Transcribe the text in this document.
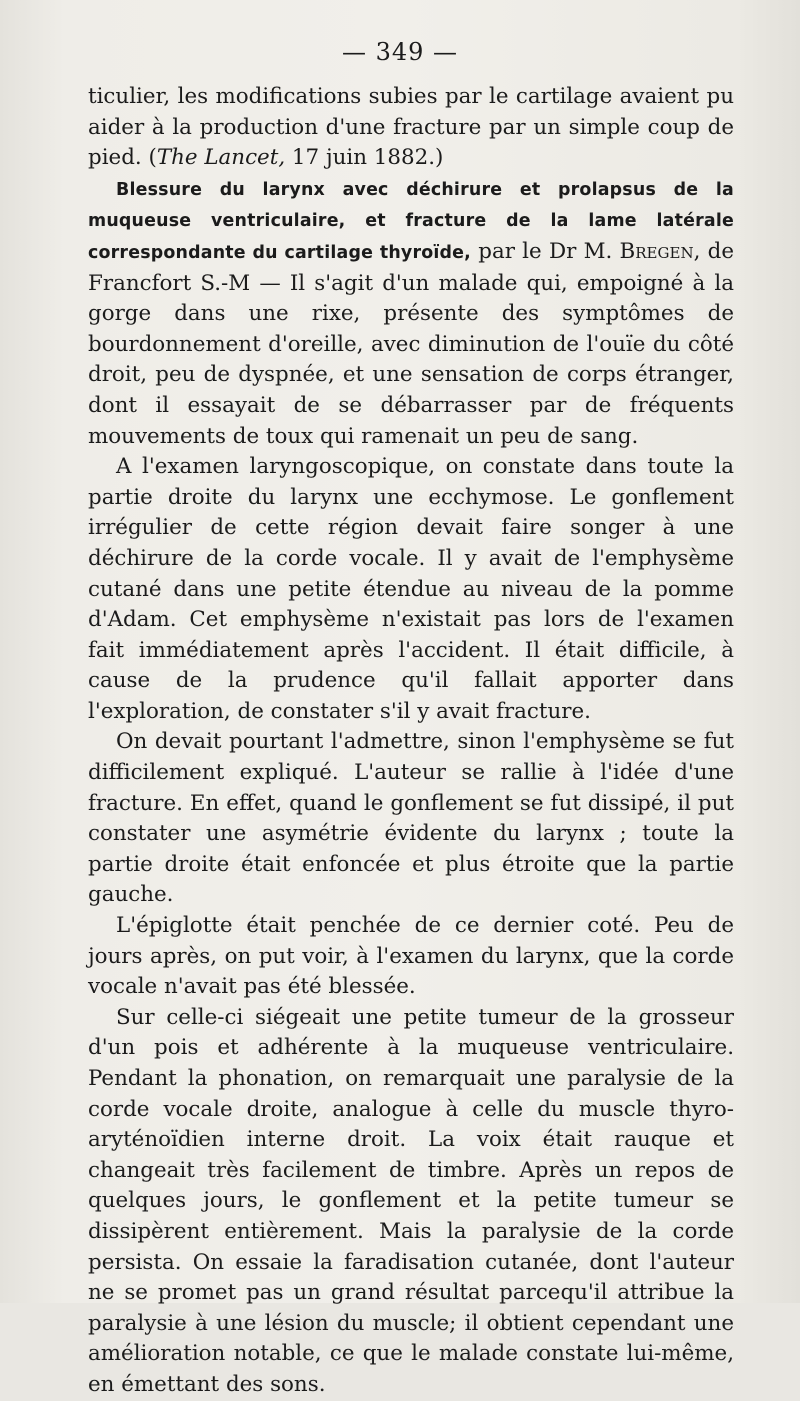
— 349 —

ticulier, les modifications subies par le cartilage avaient pu aider à la production d'une fracture par un simple coup de pied. (The Lancet, 17 juin 1882.)

Blessure du larynx avec déchirure et prolapsus de la muqueuse ventriculaire, et fracture de la lame latérale correspondante du cartilage thyroïde, par le Dr M. Bregen, de Francfort S.-M — Il s'agit d'un malade qui, empoigné à la gorge dans une rixe, présente des symptômes de bourdonnement d'oreille, avec diminution de l'ouïe du côté droit, peu de dyspnée, et une sensation de corps étranger, dont il essayait de se débarrasser par de fréquents mouvements de toux qui ramenait un peu de sang.

A l'examen laryngoscopique, on constate dans toute la partie droite du larynx une ecchymose. Le gonflement irrégulier de cette région devait faire songer à une déchirure de la corde vocale. Il y avait de l'emphysème cutané dans une petite étendue au niveau de la pomme d'Adam. Cet emphysème n'existait pas lors de l'examen fait immédiatement après l'accident. Il était difficile, à cause de la prudence qu'il fallait apporter dans l'exploration, de constater s'il y avait fracture.

On devait pourtant l'admettre, sinon l'emphysème se fut difficilement expliqué. L'auteur se rallie à l'idée d'une fracture. En effet, quand le gonflement se fut dissipé, il put constater une asymétrie évidente du larynx ; toute la partie droite était enfoncée et plus étroite que la partie gauche.

L'épiglotte était penchée de ce dernier coté. Peu de jours après, on put voir, à l'examen du larynx, que la corde vocale n'avait pas été blessée.

Sur celle-ci siégeait une petite tumeur de la grosseur d'un pois et adhérente à la muqueuse ventriculaire. Pendant la phonation, on remarquait une paralysie de la corde vocale droite, analogue à celle du muscle thyro-aryténoïdien interne droit. La voix était rauque et changeait très facilement de timbre. Après un repos de quelques jours, le gonflement et la petite tumeur se dissipèrent entièrement. Mais la paralysie de la corde persista. On essaie la faradisation cutanée, dont l'auteur ne se promet pas un grand résultat parcequ'il attribue la paralysie à une lésion du muscle; il obtient cependant une amélioration notable, ce que le malade constate lui-même, en émettant des sons.
